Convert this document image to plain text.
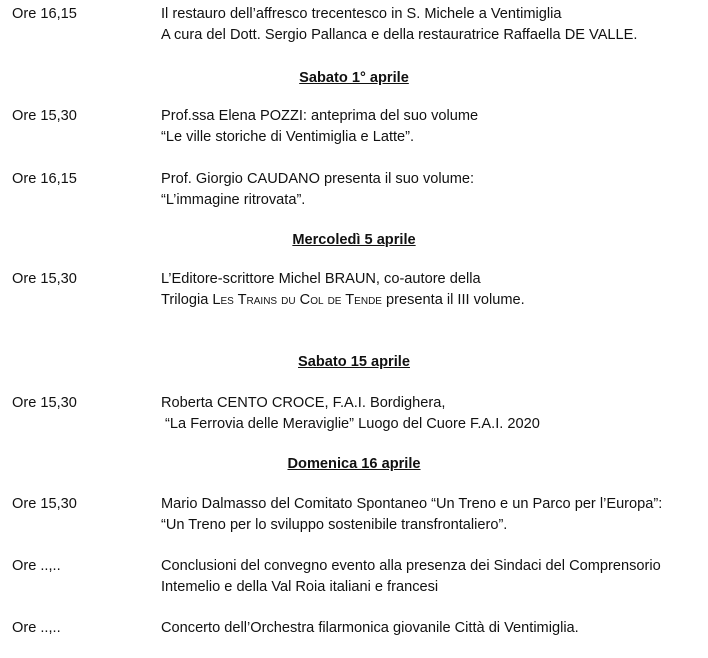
Ore 16,15	Il restauro dell’affresco trecentesco in S. Michele a Ventimiglia
A cura del Dott. Sergio Pallanca e della restauratrice Raffaella DE VALLE.
Sabato 1° aprile
Ore 15,30	Prof.ssa Elena POZZI: anteprima del suo volume
“Le ville storiche di Ventimiglia e Latte”.
Ore 16,15	Prof. Giorgio CAUDANO presenta il suo volume:
“L’immagine ritrovata”.
Mercoledì 5 aprile
Ore 15,30	L’Editore-scrittore Michel BRAUN, co-autore della
Trilogia Les Trains du Col de Tende presenta il III volume.
Sabato 15 aprile
Ore 15,30	Roberta CENTO CROCE, F.A.I. Bordighera,
“La Ferrovia delle Meraviglie” Luogo del Cuore F.A.I. 2020
Domenica 16 aprile
Ore 15,30	Mario Dalmasso del Comitato Spontaneo “Un Treno e un Parco per l’Europa”:
“Un Treno per lo sviluppo sostenibile transfrontaliero”.
Ore ..,..	Conclusioni del convegno evento alla presenza dei Sindaci del Comprensorio
Intemelio e della Val Roia italiani e francesi
Ore ..,..	Concerto dell’Orchestra filarmonica giovanile Città di Ventimiglia.
